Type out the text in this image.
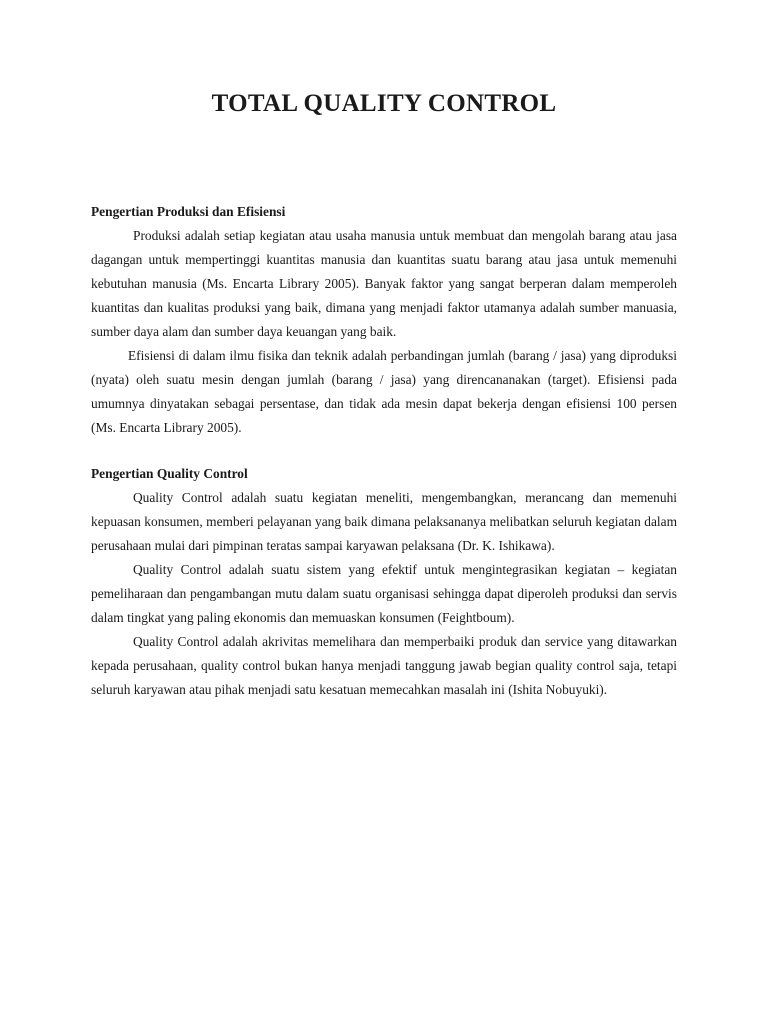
TOTAL QUALITY CONTROL
Pengertian Produksi dan Efisiensi

Produksi adalah setiap kegiatan atau usaha manusia untuk membuat dan mengolah barang atau jasa dagangan untuk mempertinggi kuantitas manusia dan kuantitas suatu barang atau jasa untuk memenuhi kebutuhan manusia (Ms. Encarta Library 2005). Banyak faktor yang sangat berperan dalam memperoleh kuantitas dan kualitas produksi yang baik, dimana yang menjadi faktor utamanya adalah sumber manuasia, sumber daya alam dan sumber daya keuangan yang baik.

Efisiensi di dalam ilmu fisika dan teknik adalah perbandingan jumlah (barang / jasa) yang diproduksi (nyata) oleh suatu mesin dengan jumlah (barang / jasa) yang direncananakan (target). Efisiensi pada umumnya dinyatakan sebagai persentase, dan tidak ada mesin dapat bekerja dengan efisiensi 100 persen (Ms. Encarta Library 2005).

Pengertian Quality Control

Quality Control adalah suatu kegiatan meneliti, mengembangkan, merancang dan memenuhi kepuasan konsumen, memberi pelayanan yang baik dimana pelaksananya melibatkan seluruh kegiatan dalam perusahaan mulai dari pimpinan teratas sampai karyawan pelaksana (Dr. K. Ishikawa).

Quality Control adalah suatu sistem yang efektif untuk mengintegrasikan kegiatan – kegiatan pemeliharaan dan pengambangan mutu dalam suatu organisasi sehingga dapat diperoleh produksi dan servis dalam tingkat yang paling ekonomis dan memuaskan konsumen (Feightboum).

Quality Control adalah akrivitas memelihara dan memperbaiki produk dan service yang ditawarkan kepada perusahaan, quality control bukan hanya menjadi tanggung jawab begian quality control saja, tetapi seluruh karyawan atau pihak menjadi satu kesatuan memecahkan masalah ini (Ishita Nobuyuki).
